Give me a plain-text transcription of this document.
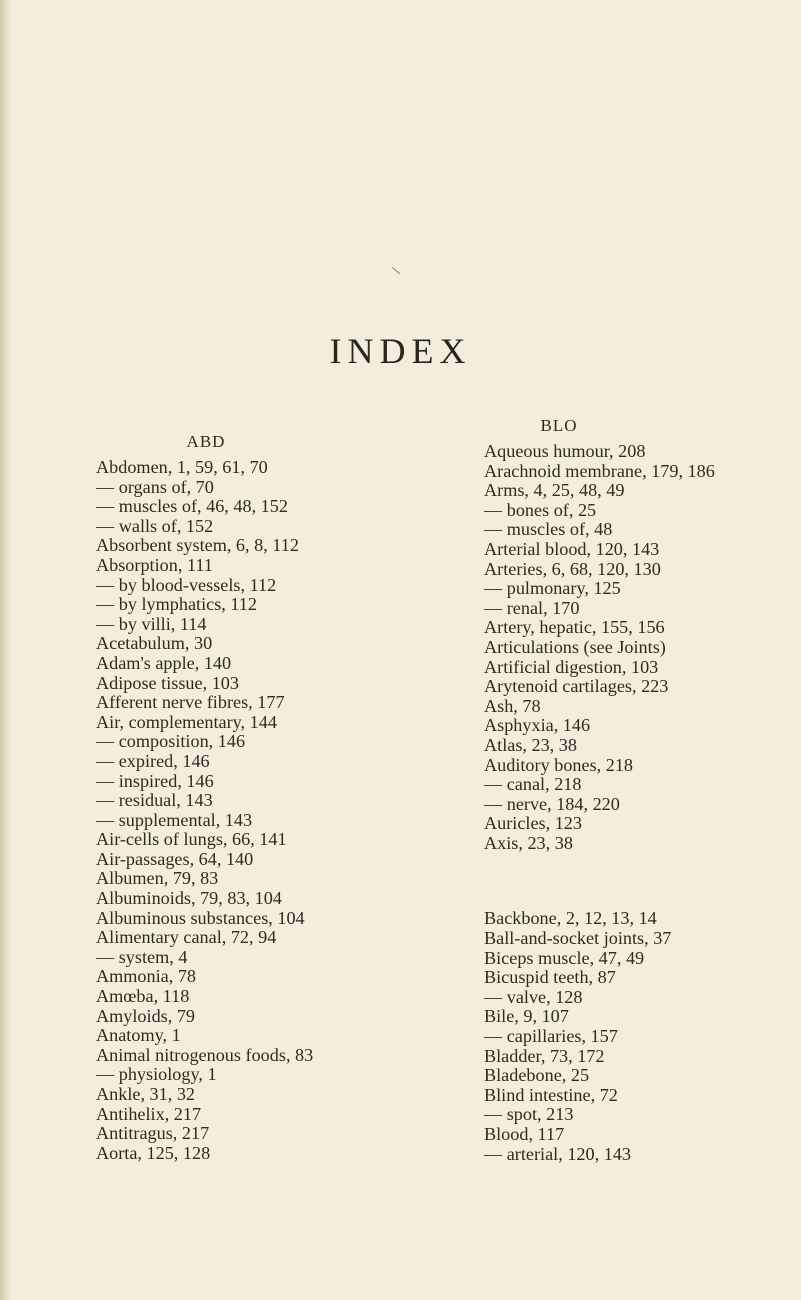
\
INDEX
ABD
Abdomen, 1, 59, 61, 70
— organs of, 70
— muscles of, 46, 48, 152
— walls of, 152
Absorbent system, 6, 8, 112
Absorption, 111
— by blood-vessels, 112
— by lymphatics, 112
— by villi, 114
Acetabulum, 30
Adam's apple, 140
Adipose tissue, 103
Afferent nerve fibres, 177
Air, complementary, 144
— composition, 146
— expired, 146
— inspired, 146
— residual, 143
— supplemental, 143
Air-cells of lungs, 66, 141
Air-passages, 64, 140
Albumen, 79, 83
Albuminoids, 79, 83, 104
Albuminous substances, 104
Alimentary canal, 72, 94
— system, 4
Ammonia, 78
Amœba, 118
Amyloids, 79
Anatomy, 1
Animal nitrogenous foods, 83
— physiology, 1
Ankle, 31, 32
Antihelix, 217
Antitragus, 217
Aorta, 125, 128
BLO
Aqueous humour, 208
Arachnoid membrane, 179, 186
Arms, 4, 25, 48, 49
— bones of, 25
— muscles of, 48
Arterial blood, 120, 143
Arteries, 6, 68, 120, 130
— pulmonary, 125
— renal, 170
Artery, hepatic, 155, 156
Articulations (see Joints)
Artificial digestion, 103
Arytenoid cartilages, 223
Ash, 78
Asphyxia, 146
Atlas, 23, 38
Auditory bones, 218
— canal, 218
— nerve, 184, 220
Auricles, 123
Axis, 23, 38
Backbone, 2, 12, 13, 14
Ball-and-socket joints, 37
Biceps muscle, 47, 49
Bicuspid teeth, 87
— valve, 128
Bile, 9, 107
— capillaries, 157
Bladder, 73, 172
Bladebone, 25
Blind intestine, 72
— spot, 213
Blood, 117
— arterial, 120, 143
